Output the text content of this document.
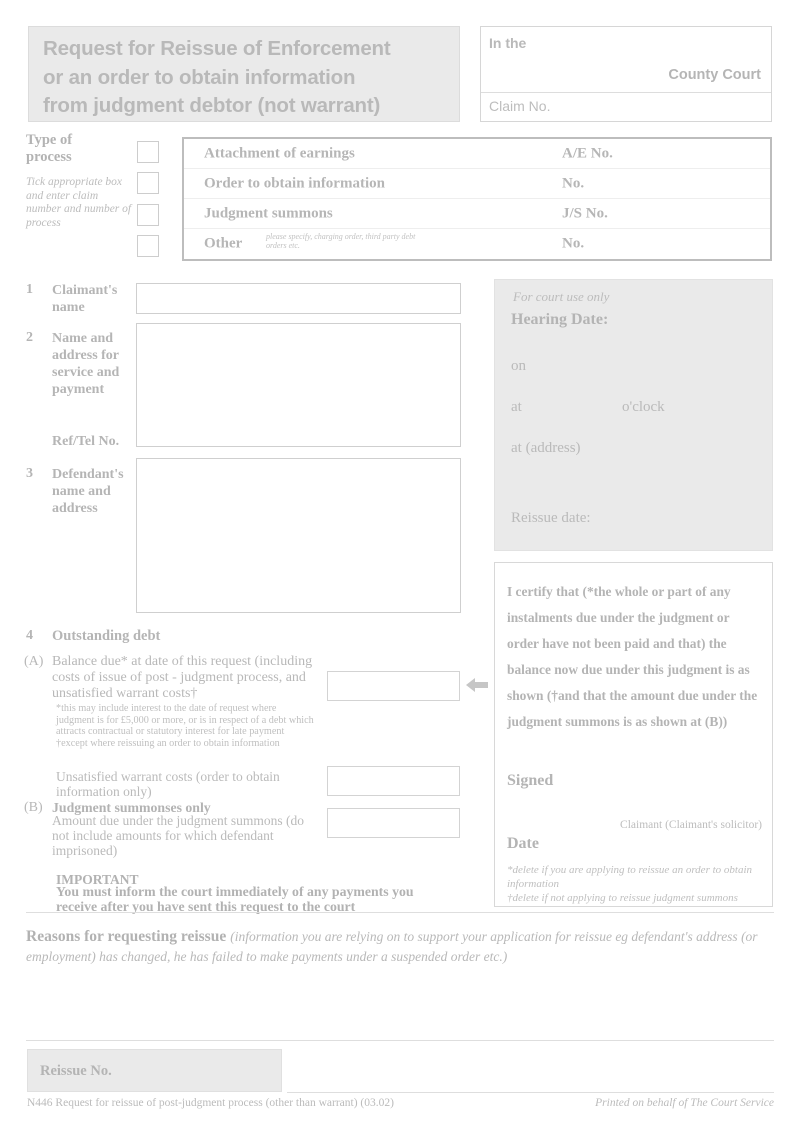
Request for Reissue of Enforcement
or an order to obtain information
from judgment debtor (not warrant)
In the
County Court
Claim No.
Type of
process
Tick appropriate box and enter claim number and number of process
Attachment of earnings	A/E No.
Order to obtain information	No.
Judgment summons	J/S No.
Other	please specify, charging order, third party debt orders etc.	No.
1 Claimant's name
2 Name and address for service and payment
Ref/Tel No.
3 Defendant's name and address
For court use only
Hearing Date:
on
at	o'clock
at (address)
Reissue date:
I certify that (*the whole or part of any instalments due under the judgment or order have not been paid and that) the balance now due under this judgment is as shown (†and that the amount due under the judgment summons is as shown at (B))
Signed
Claimant (Claimant's solicitor)
Date
*delete if you are applying to reissue an order to obtain information
†delete if not applying to reissue judgment summons
4 Outstanding debt
(A) Balance due* at date of this request (including costs of issue of post - judgment process, and unsatisfied warrant costs†
*this may include interest to the date of request where judgment is for £5,000 or more, or is in respect of a debt which attracts contractual or statutory interest for late payment
†except where reissuing an order to obtain information
Unsatisfied warrant costs (order to obtain information only)
(B) Judgment summonses only
Amount due under the judgment summons (do not include amounts for which defendant imprisoned)
IMPORTANT
You must inform the court immediately of any payments you receive after you have sent this request to the court
Reasons for requesting reissue (information you are relying on to support your application for reissue eg defendant's address (or employment) has changed, he has failed to make payments under a suspended order etc.)
Reissue No.
N446 Request for reissue of post-judgment process (other than warrant) (03.02)	Printed on behalf of The Court Service
